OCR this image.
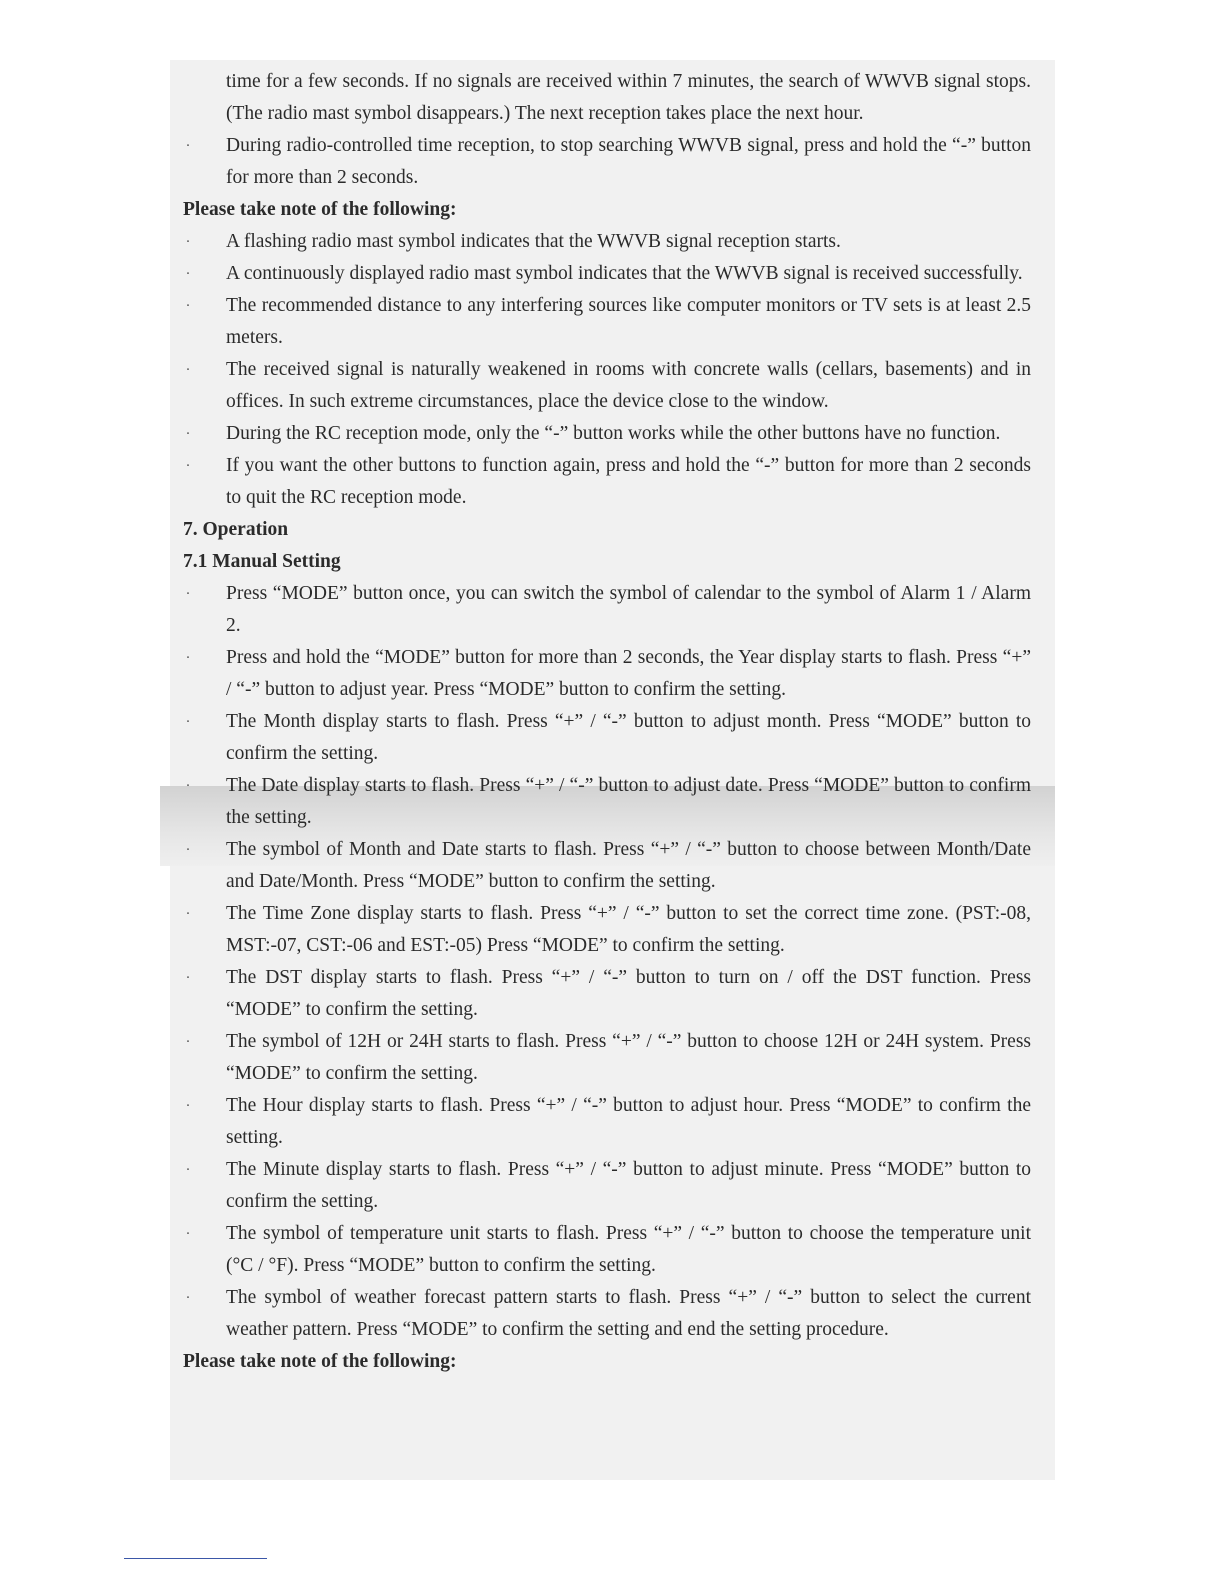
time for a few seconds. If no signals are received within 7 minutes, the search of WWVB signal stops. (The radio mast symbol disappears.) The next reception takes place the next hour.

· During radio-controlled time reception, to stop searching WWVB signal, press and hold the “-” button for more than 2 seconds.

Please take note of the following:

· A flashing radio mast symbol indicates that the WWVB signal reception starts.
· A continuously displayed radio mast symbol indicates that the WWVB signal is received successfully.
· The recommended distance to any interfering sources like computer monitors or TV sets is at least 2.5 meters.
· The received signal is naturally weakened in rooms with concrete walls (cellars, basements) and in offices. In such extreme circumstances, place the device close to the window.
· During the RC reception mode, only the “-” button works while the other buttons have no function.
· If you want the other buttons to function again, press and hold the “-” button for more than 2 seconds to quit the RC reception mode.

7. Operation

7.1 Manual Setting

· Press “MODE” button once, you can switch the symbol of calendar to the symbol of Alarm 1 / Alarm 2.
· Press and hold the “MODE” button for more than 2 seconds, the Year display starts to flash. Press “+” / “-” button to adjust year. Press “MODE” button to confirm the setting.
· The Month display starts to flash. Press “+” / “-” button to adjust month. Press “MODE” button to confirm the setting.
· The Date display starts to flash. Press “+” / “-” button to adjust date. Press “MODE” button to confirm the setting.
· The symbol of Month and Date starts to flash. Press “+” / “-” button to choose between Month/Date and Date/Month. Press “MODE” button to confirm the setting.
· The Time Zone display starts to flash. Press “+” / “-” button to set the correct time zone. (PST:-08, MST:-07, CST:-06 and EST:-05) Press “MODE” to confirm the setting.
· The DST display starts to flash. Press “+” / “-” button to turn on / off the DST function. Press “MODE” to confirm the setting.
· The symbol of 12H or 24H starts to flash. Press “+” / “-” button to choose 12H or 24H system. Press “MODE” to confirm the setting.
· The Hour display starts to flash. Press “+” / “-” button to adjust hour. Press “MODE” to confirm the setting.
· The Minute display starts to flash. Press “+” / “-” button to adjust minute. Press “MODE” button to confirm the setting.
· The symbol of temperature unit starts to flash. Press “+” / “-” button to choose the temperature unit (°C / °F). Press “MODE” button to confirm the setting.
· The symbol of weather forecast pattern starts to flash. Press “+” / “-” button to select the current weather pattern. Press “MODE” to confirm the setting and end the setting procedure.

Please take note of the following:
